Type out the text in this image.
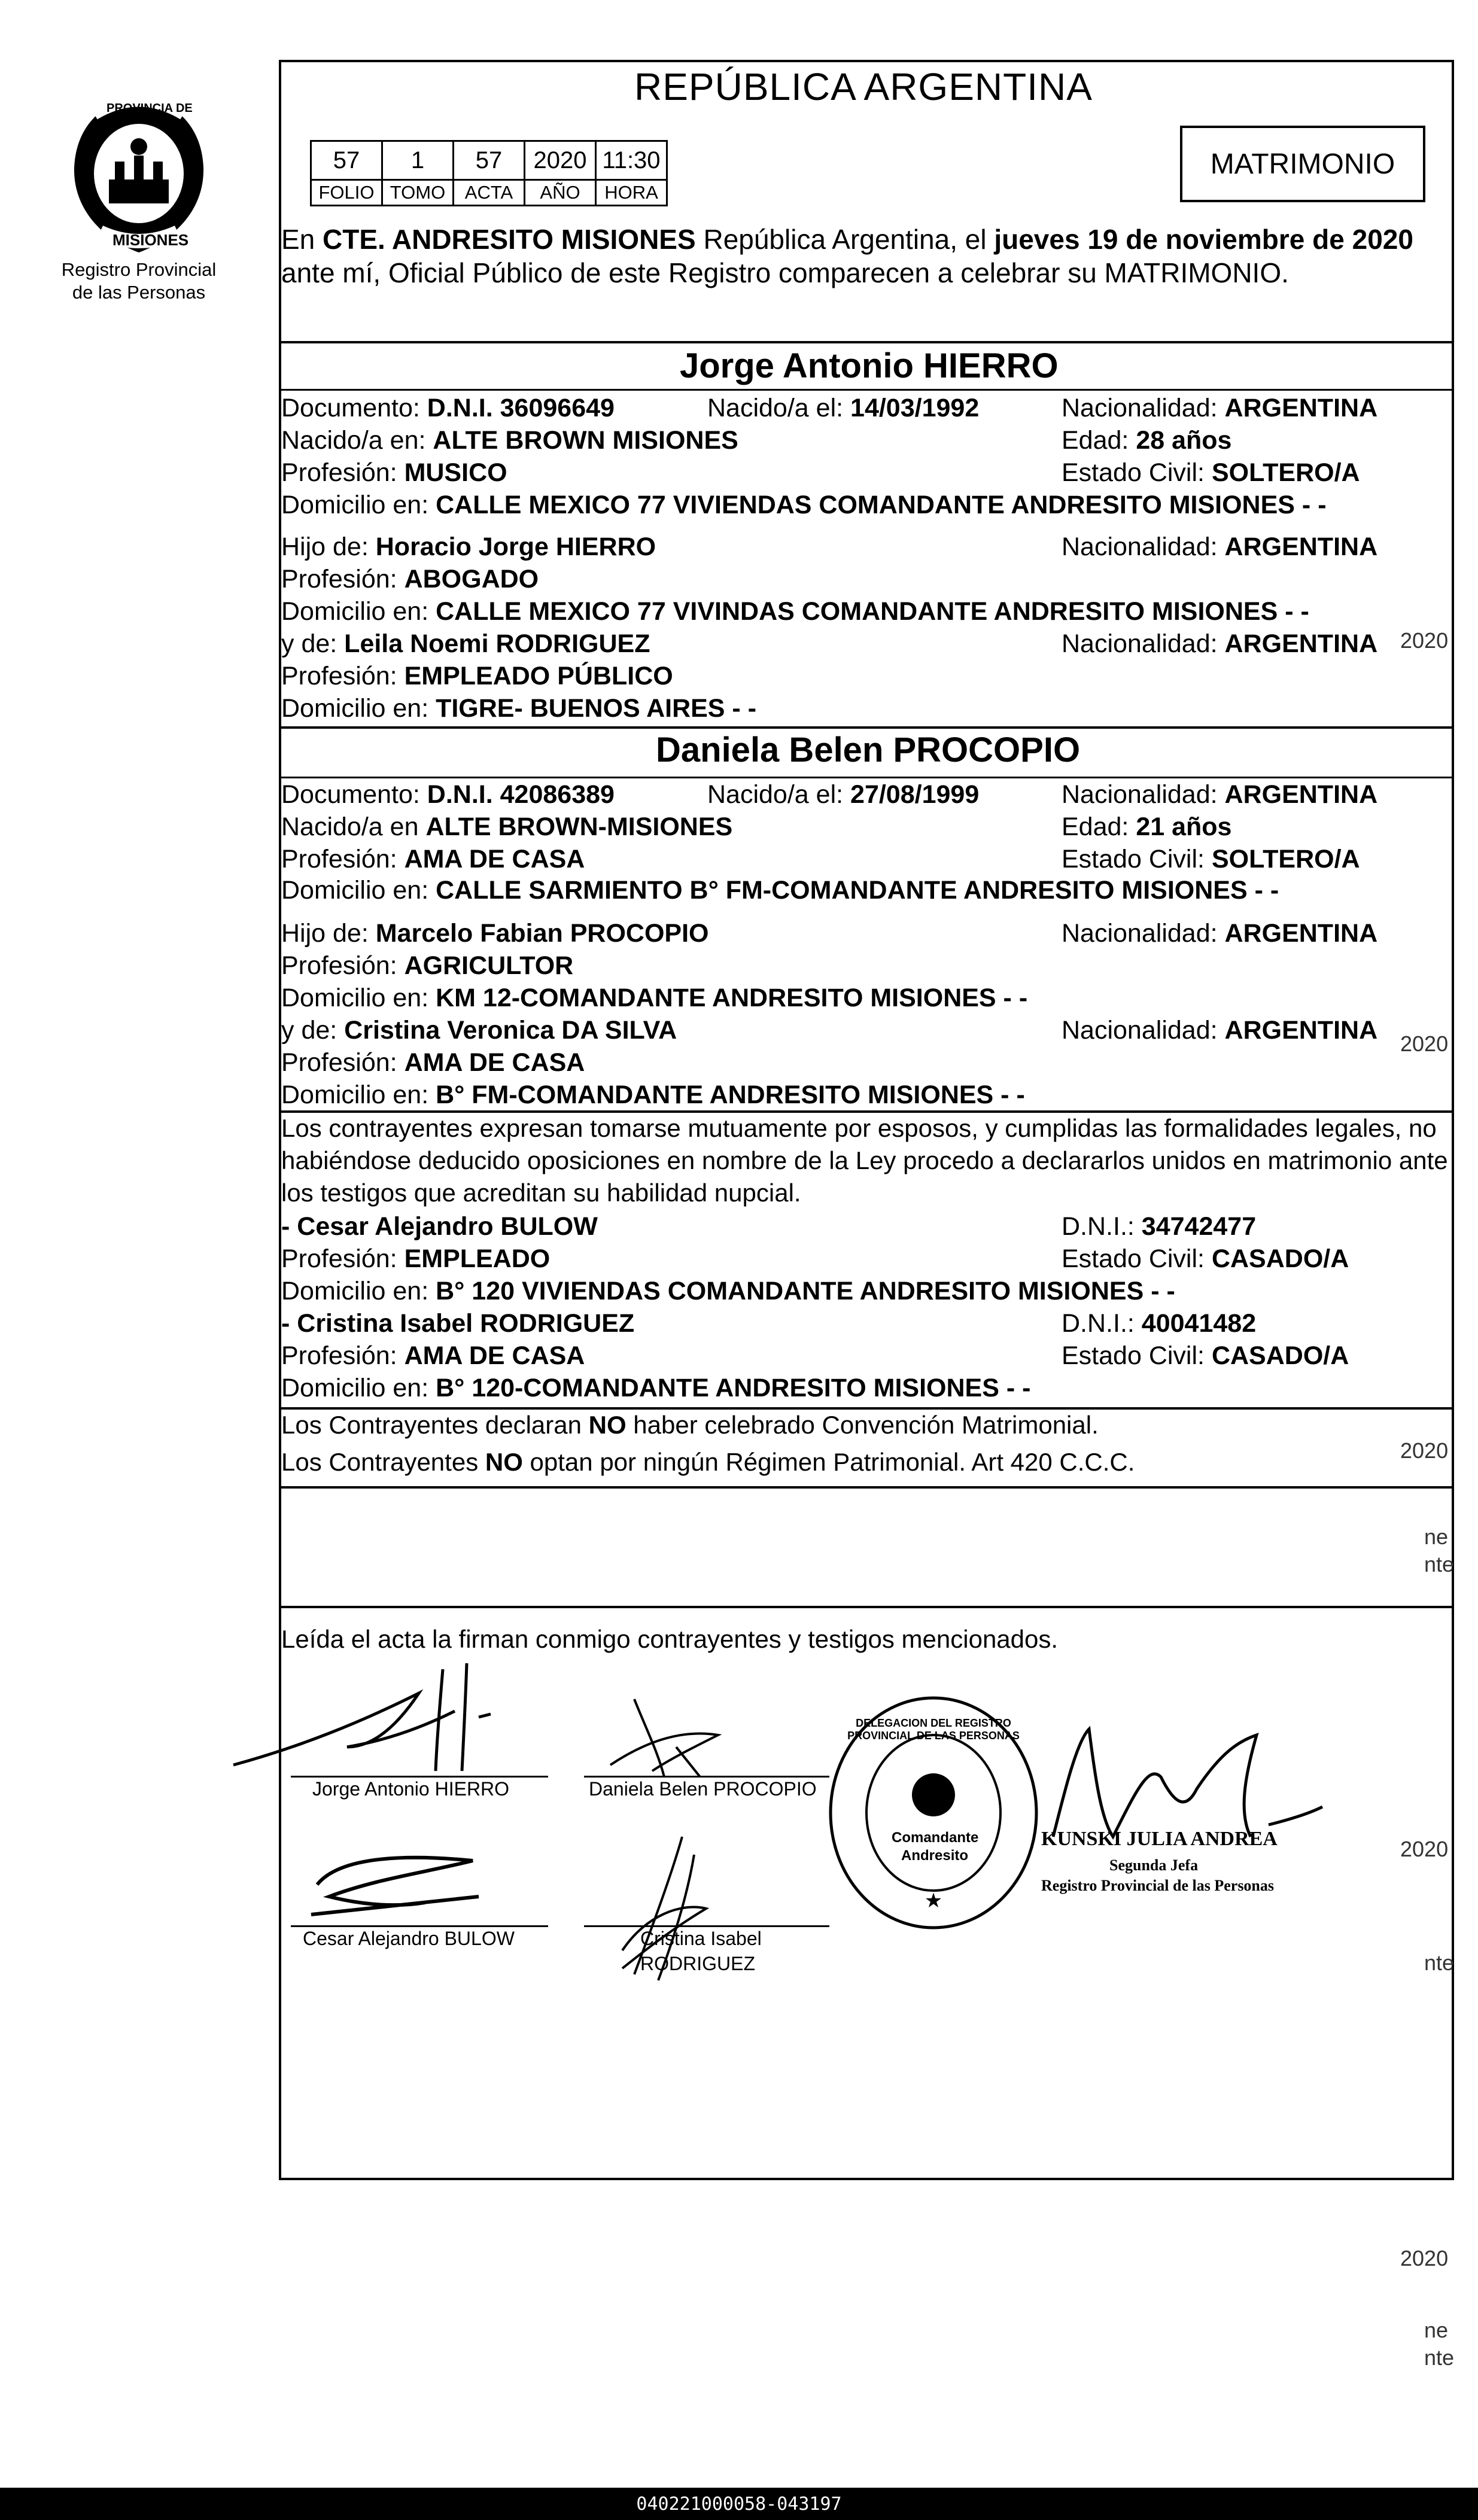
PROVINCIA DE
MISIONES
Registro Provincial
de las Personas
REPÚBLICA ARGENTINA
57	1	57	2020	11:30
FOLIO	TOMO	ACTA	AÑO	HORA
MATRIMONIO
En CTE. ANDRESITO MISIONES República Argentina, el jueves 19 de noviembre de 2020
ante mí, Oficial Público de este Registro comparecen a celebrar su MATRIMONIO.
Jorge Antonio HIERRO
Documento: D.N.I. 36096649	Nacido/a el: 14/03/1992	Nacionalidad: ARGENTINA
Nacido/a en: ALTE BROWN MISIONES	Edad: 28 años
Profesión: MUSICO	Estado Civil: SOLTERO/A
Domicilio en: CALLE MEXICO 77 VIVIENDAS COMANDANTE ANDRESITO MISIONES - -
Hijo de: Horacio Jorge HIERRO	Nacionalidad: ARGENTINA
Profesión: ABOGADO
Domicilio en: CALLE MEXICO 77 VIVINDAS COMANDANTE ANDRESITO MISIONES - -
y de: Leila Noemi RODRIGUEZ	Nacionalidad: ARGENTINA
Profesión: EMPLEADO PÚBLICO
Domicilio en: TIGRE- BUENOS AIRES - -
Daniela Belen PROCOPIO
Documento: D.N.I. 42086389	Nacido/a el: 27/08/1999	Nacionalidad: ARGENTINA
Nacido/a en ALTE BROWN-MISIONES	Edad: 21 años
Profesión: AMA DE CASA	Estado Civil: SOLTERO/A
Domicilio en: CALLE SARMIENTO B° FM-COMANDANTE ANDRESITO MISIONES - -
Hijo de: Marcelo Fabian PROCOPIO	Nacionalidad: ARGENTINA
Profesión: AGRICULTOR
Domicilio en: KM 12-COMANDANTE ANDRESITO MISIONES - -
y de: Cristina Veronica DA SILVA	Nacionalidad: ARGENTINA
Profesión: AMA DE CASA
Domicilio en: B° FM-COMANDANTE ANDRESITO MISIONES - -
Los contrayentes expresan tomarse mutuamente por esposos, y cumplidas las formalidades legales, no
habiéndose deducido oposiciones en nombre de la Ley procedo a declararlos unidos en matrimonio ante
los testigos que acreditan su habilidad nupcial.
- Cesar Alejandro BULOW	D.N.I.: 34742477
Profesión: EMPLEADO	Estado Civil: CASADO/A
Domicilio en: B° 120 VIVIENDAS COMANDANTE ANDRESITO MISIONES - -
- Cristina Isabel RODRIGUEZ	D.N.I.: 40041482
Profesión: AMA DE CASA	Estado Civil: CASADO/A
Domicilio en: B° 120-COMANDANTE ANDRESITO MISIONES - -
Los Contrayentes declaran NO haber celebrado Convención Matrimonial.
Los Contrayentes NO optan por ningún Régimen Patrimonial. Art 420 C.C.C.
Leída el acta la firman conmigo contrayentes y testigos mencionados.
Jorge Antonio HIERRO	Daniela Belen PROCOPIO
Cesar Alejandro BULOW	Cristina Isabel
RODRIGUEZ
★
DELEGACION DEL REGISTRO PROVINCIAL DE LAS PERSONAS
Comandante
Andresito
KUNSKI JULIA ANDREA
Segunda Jefa
Registro Provincial de las Personas
2020
2020
2020
ne
nte
2020
nte
2020
ne
nte
040221000058-043197
